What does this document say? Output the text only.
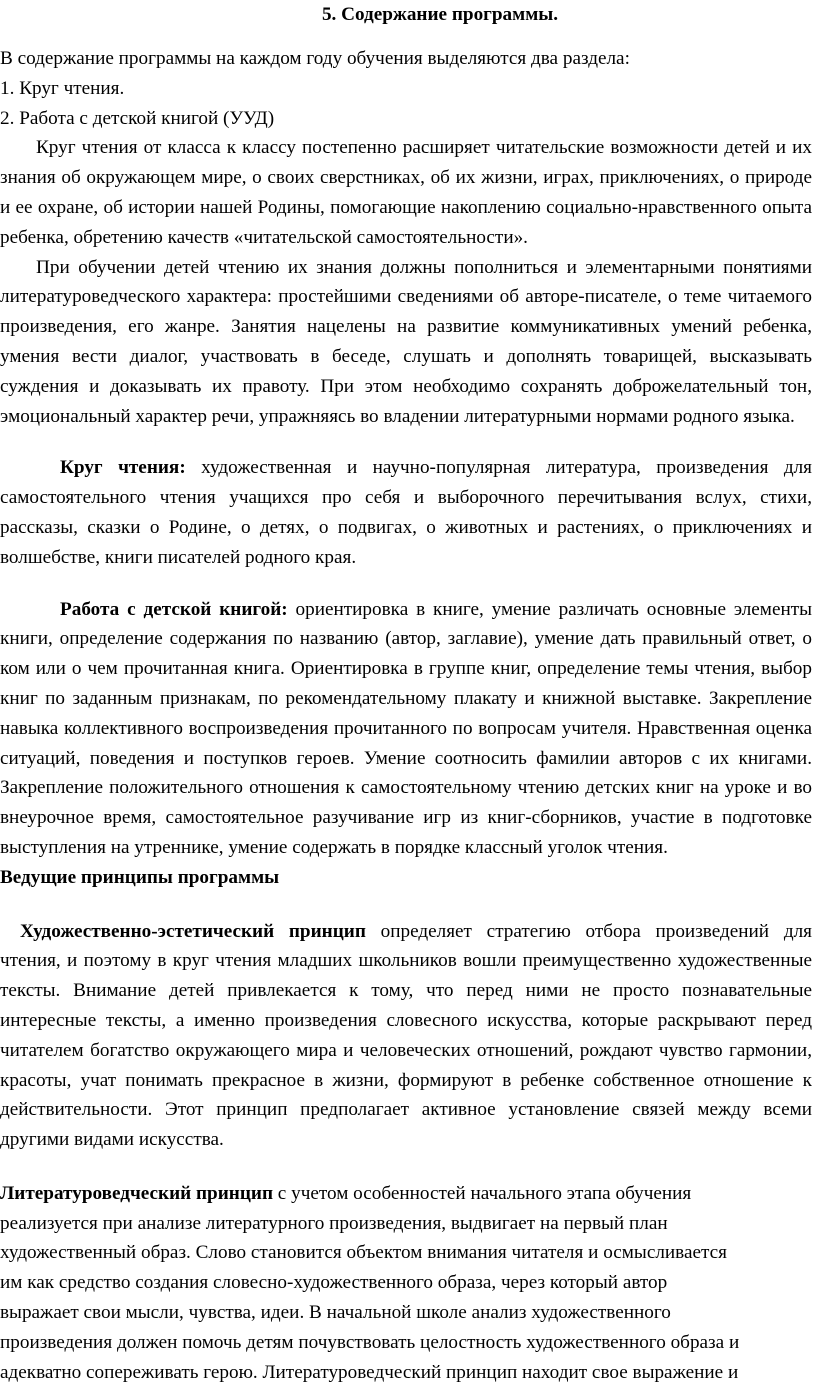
5. Содержание программы.

В содержание программы на каждом году обучения выделяются два раздела:

1. Круг чтения.

2. Работа с детской книгой (УУД)

Круг чтения от класса к классу постепенно расширяет читательские возможности детей и их знания об окружающем мире, о своих сверстниках, об их жизни, играх, приключениях, о природе и ее охране, об истории нашей Родины, помогающие накоплению социально-нравственного опыта ребенка, обретению качеств «читательской самостоятельности».

При обучении детей чтению их знания должны пополниться и элементарными понятиями литературоведческого характера: простейшими сведениями об авторе-писателе, о теме читаемого произведения, его жанре. Занятия нацелены на развитие коммуникативных умений ребенка, умения вести диалог, участвовать в беседе, слушать и дополнять товарищей, высказывать суждения и доказывать их правоту. При этом необходимо сохранять доброжелательный тон, эмоциональный характер речи, упражняясь во владении литературными нормами родного языка.

Круг чтения: художественная и научно-популярная литература, произведения для самостоятельного чтения учащихся про себя и выборочного перечитывания вслух, стихи, рассказы, сказки о Родине, о детях, о подвигах, о животных и растениях, о приключениях и волшебстве, книги писателей родного края.

Работа с детской книгой: ориентировка в книге, умение различать основные элементы книги, определение содержания по названию (автор, заглавие), умение дать правильный ответ, о ком или о чем прочитанная книга. Ориентировка в группе книг, определение темы чтения, выбор книг по заданным признакам, по рекомендательному плакату и книжной выставке. Закрепление навыка коллективного воспроизведения прочитанного по вопросам учителя. Нравственная оценка ситуаций, поведения и поступков героев. Умение соотносить фамилии авторов с их книгами. Закрепление положительного отношения к самостоятельному чтению детских книг на уроке и во внеурочное время, самостоятельное разучивание игр из книг-сборников, участие в подготовке выступления на утреннике, умение содержать в порядке классный уголок чтения.

Ведущие принципы программы

Художественно-эстетический принцип определяет стратегию отбора произведений для чтения, и поэтому в круг чтения младших школьников вошли преимущественно художественные тексты. Внимание детей привлекается к тому, что перед ними не просто познавательные интересные тексты, а именно произведения словесного искусства, которые раскрывают перед читателем богатство окружающего мира и человеческих отношений, рождают чувство гармонии, красоты, учат понимать прекрасное в жизни, формируют в ребенке собственное отношение к действительности. Этот принцип предполагает активное установление связей между всеми другими видами искусства.

Литературоведческий принцип с учетом особенностей начального этапа обучения

реализуется при анализе литературного произведения, выдвигает на первый план

художественный образ. Слово становится объектом внимания читателя и осмысливается

им как средство создания словесно-художественного образа, через который автор

выражает свои мысли, чувства, идеи. В начальной школе анализ художественного

произведения должен помочь детям почувствовать целостность художественного образа и

адекватно сопереживать герою. Литературоведческий принцип находит свое выражение и
